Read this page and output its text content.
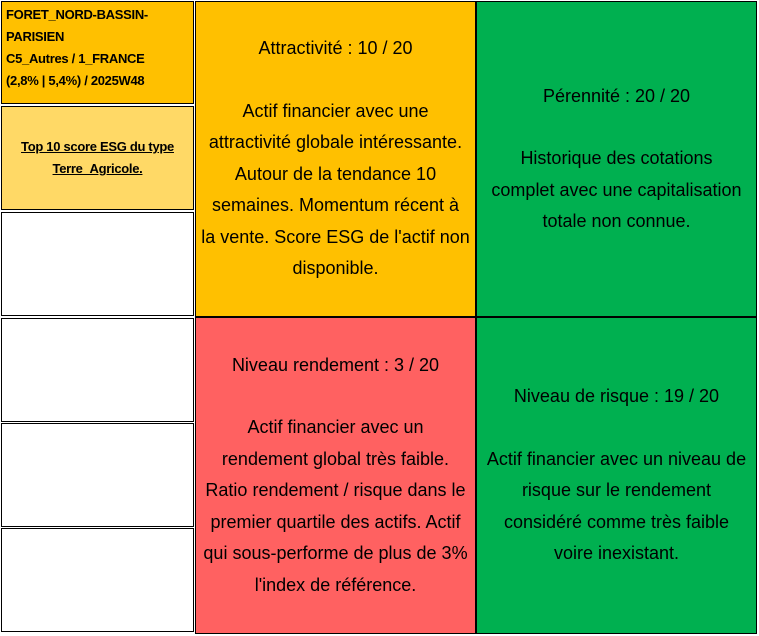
FORET_NORD-BASSIN-
PARISIEN
C5_Autres / 1_FRANCE
(2,8% | 5,4%) / 2025W48
Top 10 score ESG du type
Terre_Agricole.
Attractivité : 10 / 20
Actif financier avec une
attractivité globale intéressante.
Autour de la tendance 10
semaines. Momentum récent à
la vente. Score ESG de l'actif non
disponible.
Pérennité : 20 / 20
Historique des cotations
complet avec une capitalisation
totale non connue.
Niveau rendement : 3 / 20
Actif financier avec un
rendement global très faible.
Ratio rendement / risque dans le
premier quartile des actifs. Actif
qui sous-performe de plus de 3%
l'index de référence.
Niveau de risque : 19 / 20
Actif financier avec un niveau de
risque sur le rendement
considéré comme très faible
voire inexistant.
